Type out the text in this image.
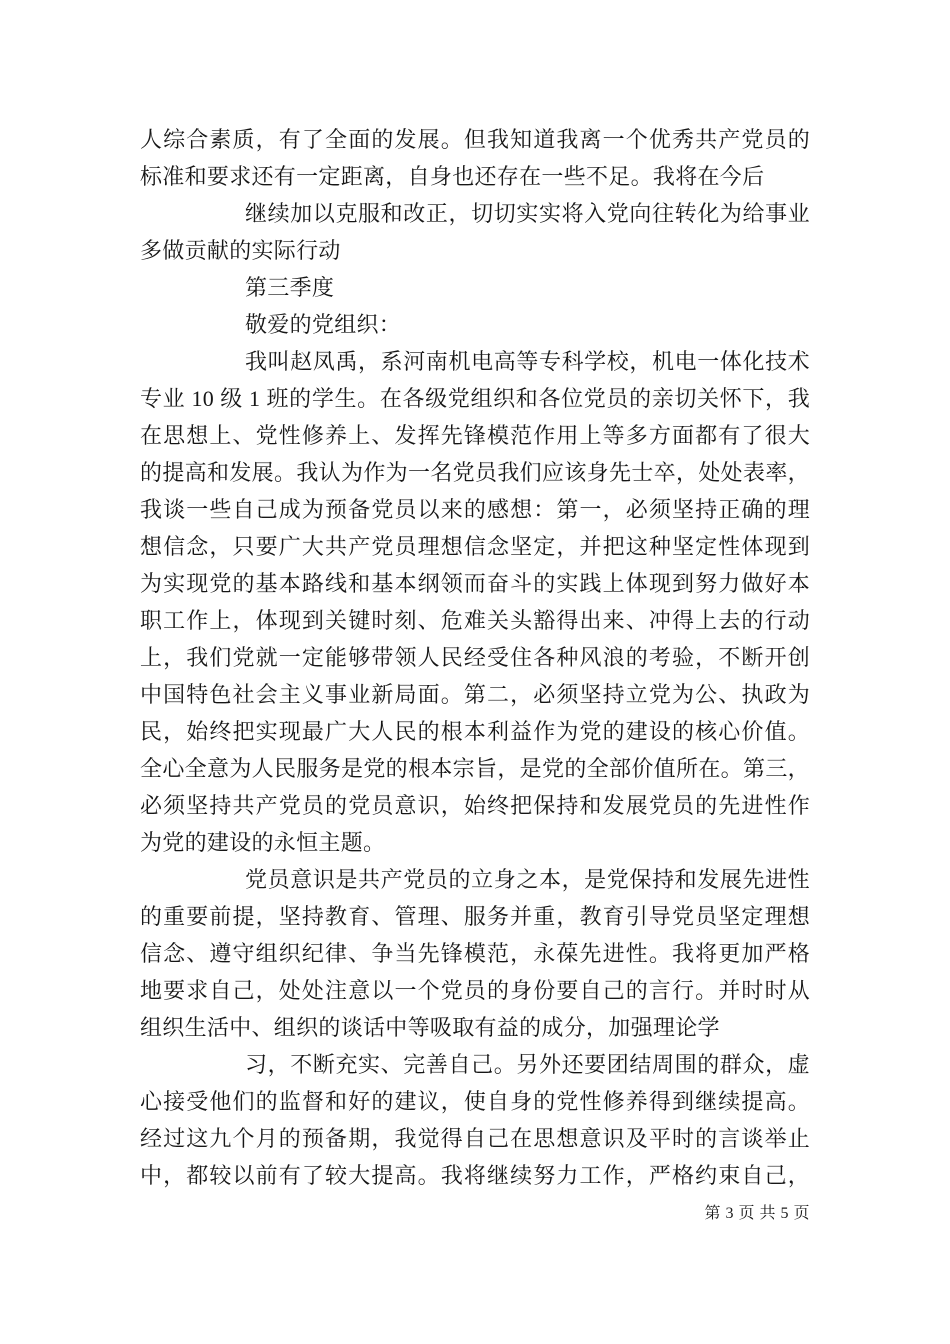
人综合素质，有了全面的发展。但我知道我离一个优秀共产党员的
标准和要求还有一定距离，自身也还存在一些不足。我将在今后
继续加以克服和改正，切切实实将入党向往转化为给事业
多做贡献的实际行动
第三季度
敬爱的党组织：
我叫赵凤禹，系河南机电高等专科学校，机电一体化技术
专业 10 级 1 班的学生。在各级党组织和各位党员的亲切关怀下，我
在思想上、党性修养上、发挥先锋模范作用上等多方面都有了很大
的提高和发展。我认为作为一名党员我们应该身先士卒，处处表率，
我谈一些自己成为预备党员以来的感想：第一，必须坚持正确的理
想信念，只要广大共产党员理想信念坚定，并把这种坚定性体现到
为实现党的基本路线和基本纲领而奋斗的实践上体现到努力做好本
职工作上，体现到关键时刻、危难关头豁得出来、冲得上去的行动
上，我们党就一定能够带领人民经受住各种风浪的考验，不断开创
中国特色社会主义事业新局面。第二，必须坚持立党为公、执政为
民，始终把实现最广大人民的根本利益作为党的建设的核心价值。
全心全意为人民服务是党的根本宗旨，是党的全部价值所在。第三，
必须坚持共产党员的党员意识，始终把保持和发展党员的先进性作
为党的建设的永恒主题。
党员意识是共产党员的立身之本，是党保持和发展先进性
的重要前提，坚持教育、管理、服务并重，教育引导党员坚定理想
信念、遵守组织纪律、争当先锋模范，永葆先进性。我将更加严格
地要求自己，处处注意以一个党员的身份要自己的言行。并时时从
组织生活中、组织的谈话中等吸取有益的成分，加强理论学
习，不断充实、完善自己。另外还要团结周围的群众，虚
心接受他们的监督和好的建议，使自身的党性修养得到继续提高。
经过这九个月的预备期，我觉得自己在思想意识及平时的言谈举止
中，都较以前有了较大提高。我将继续努力工作，严格约束自己，
第 3 页 共 5 页
